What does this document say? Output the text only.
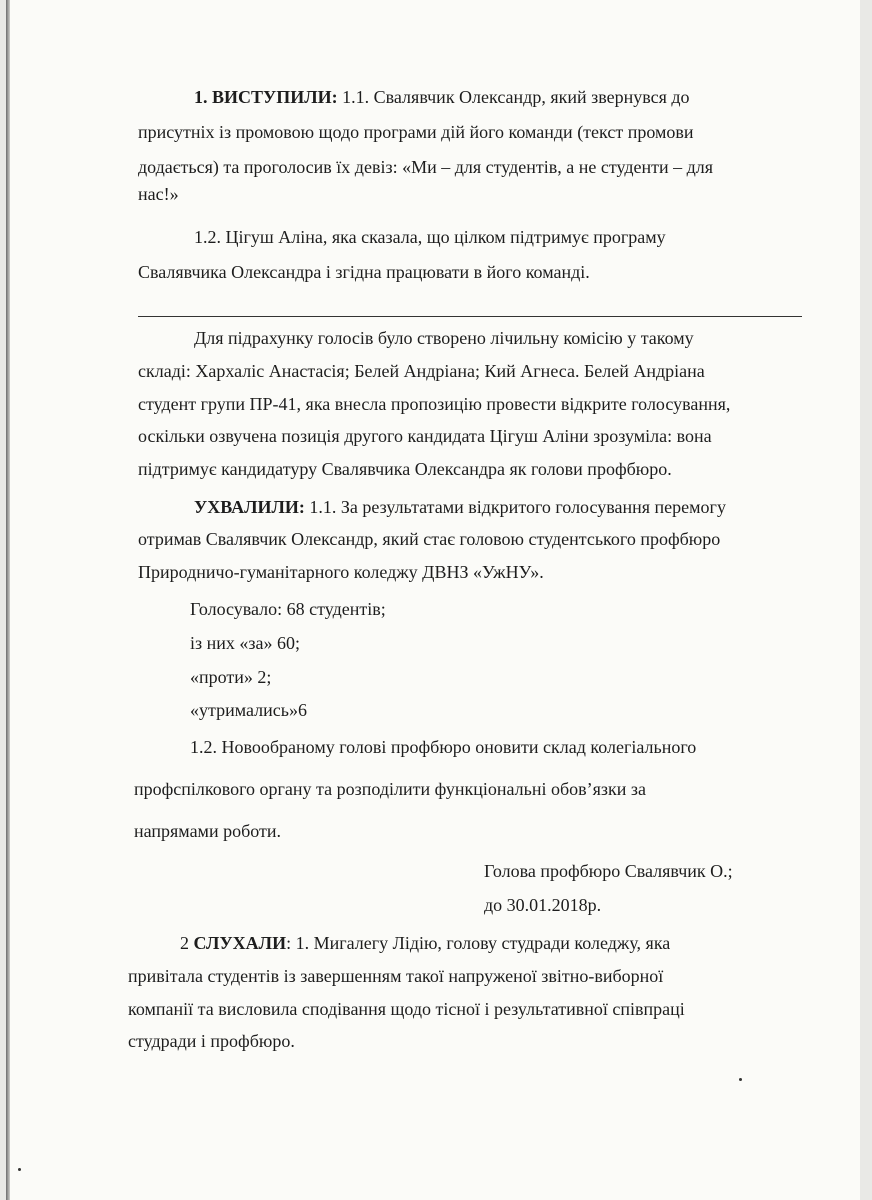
1. ВИСТУПИЛИ: 1.1. Свалявчик Олександр, який звернувся до
присутніх із промовою щодо програми дій його команди (текст промови
додається) та проголосив їх девіз: «Ми – для студентів, а не студенти – для
нас!»
1.2. Цігуш Аліна, яка сказала, що цілком підтримує програму
Свалявчика Олександра і згідна працювати в його команді.
Для підрахунку голосів було створено лічильну комісію у такому
складі: Хархаліс Анастасія; Белей Андріана; Кий Агнеса. Белей Андріана
студент групи ПР-41, яка внесла пропозицію провести відкрите голосування,
оскільки озвучена позиція другого кандидата Цігуш Аліни зрозуміла: вона
підтримує кандидатуру Свалявчика Олександра як голови профбюро.
УХВАЛИЛИ: 1.1. За результатами відкритого голосування перемогу
отримав Свалявчик Олександр, який стає головою студентського профбюро
Природничо-гуманітарного коледжу ДВНЗ «УжНУ».
Голосувало: 68 студентів;
із них «за» 60;
«проти» 2;
«утримались»6
1.2. Новообраному голові профбюро оновити склад колегіального
профспілкового органу та розподілити функціональні обов’язки за
напрямами роботи.
Голова профбюро Свалявчик О.;
до 30.01.2018р.
2 СЛУХАЛИ: 1. Мигалегу Лідію, голову студради коледжу, яка
привітала студентів із завершенням такої напруженої звітно-виборної
компанії та висловила сподівання щодо тісної і результативної співпраці
студради і профбюро.
